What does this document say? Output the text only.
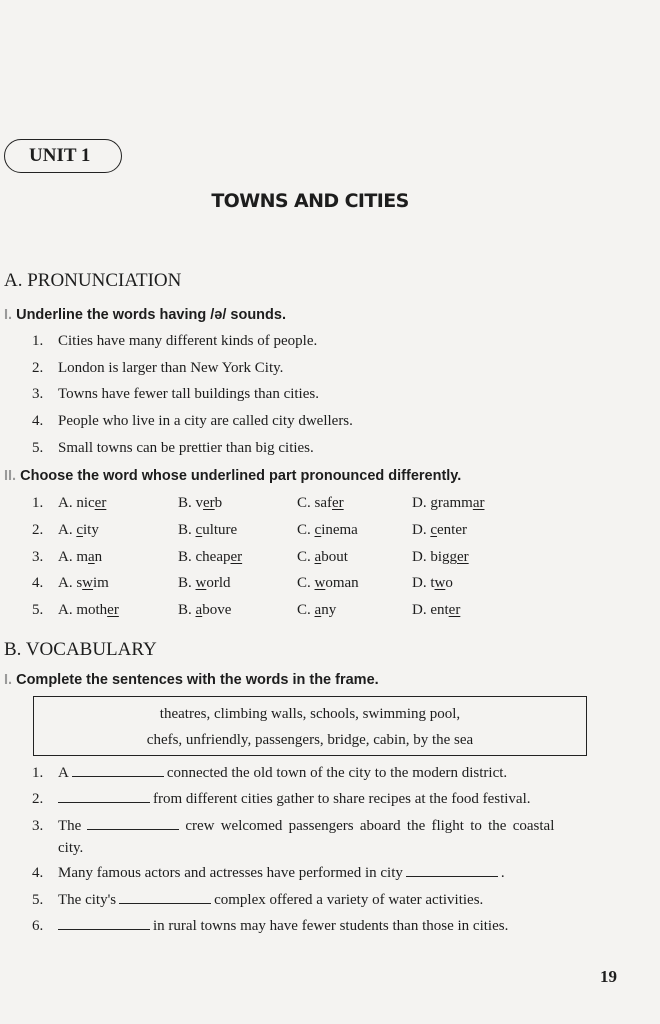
UNIT 1
TOWNS AND CITIES
A. PRONUNCIATION
I. Underline the words having /ə/ sounds.
1. Cities have many different kinds of people.
2. London is larger than New York City.
3. Towns have fewer tall buildings than cities.
4. People who live in a city are called city dwellers.
5. Small towns can be prettier than big cities.
II. Choose the word whose underlined part pronounced differently.
1. A. nicer	B. verb	C. safer	D. grammar
2. A. city	B. culture	C. cinema	D. center
3. A. man	B. cheaper	C. about	D. bigger
4. A. swim	B. world	C. woman	D. two
5. A. mother	B. above	C. any	D. enter
B. VOCABULARY
I. Complete the sentences with the words in the frame.
theatres, climbing walls, schools, swimming pool,
chefs, unfriendly, passengers, bridge, cabin, by the sea
1. A	connected the old town of the city to the modern district.
2.	from different cities gather to share recipes at the food festival.
3. The	crew welcomed passengers aboard the flight to the coastal
city.
4. Many famous actors and actresses have performed in city	.
5. The city's	complex offered a variety of water activities.
6.	in rural towns may have fewer students than those in cities.
19
